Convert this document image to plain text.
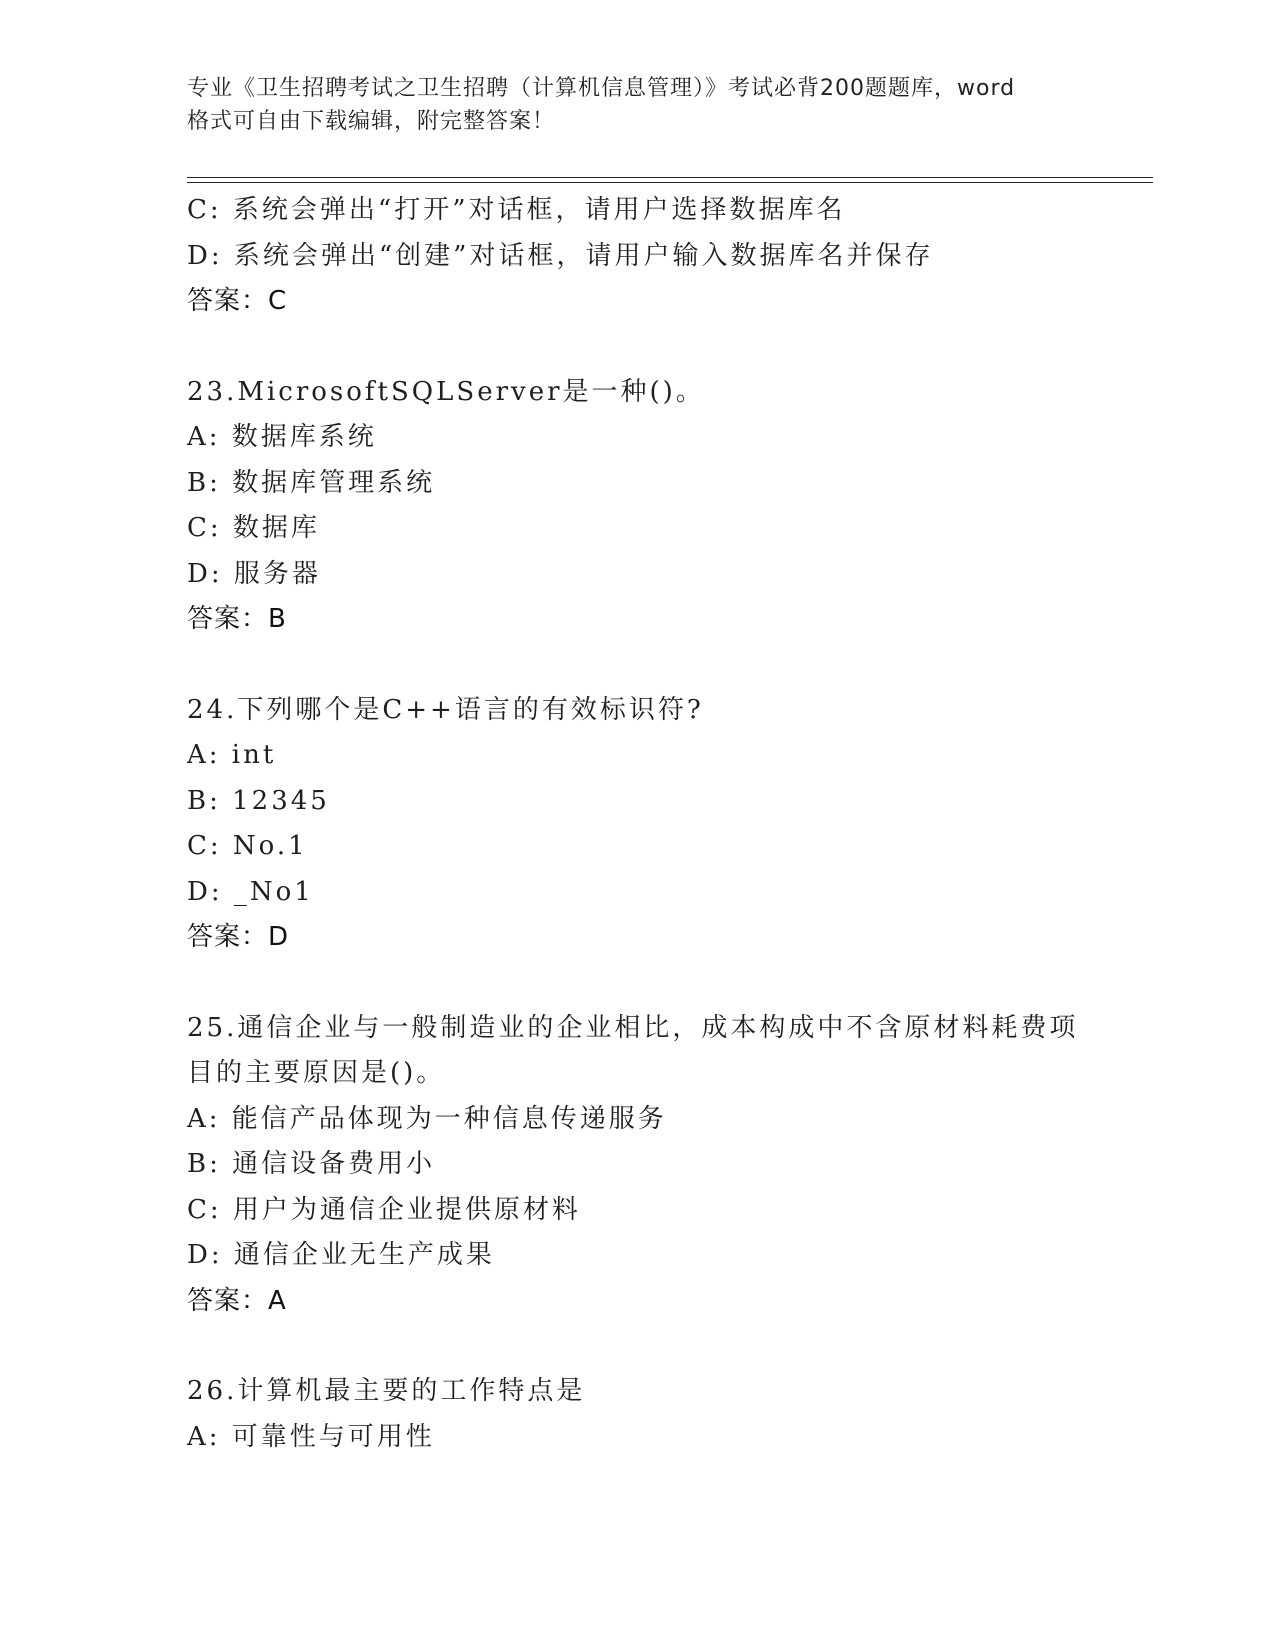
专业《卫生招聘考试之卫生招聘（计算机信息管理）》考试必背200题题库，word
格式可自由下载编辑，附完整答案！
C: 系统会弹出“打开”对话框，请用户选择数据库名
D: 系统会弹出“创建”对话框，请用户输入数据库名并保存
答案：C
23.MicrosoftSQLServer是一种()。
A: 数据库系统
B: 数据库管理系统
C: 数据库
D: 服务器
答案：B
24.下列哪个是C++语言的有效标识符?
A: int
B: 12345
C: No.1
D: _No1
答案：D
25.通信企业与一般制造业的企业相比，成本构成中不含原材料耗费项
目的主要原因是()。
A: 能信产品体现为一种信息传递服务
B: 通信设备费用小
C: 用户为通信企业提供原材料
D: 通信企业无生产成果
答案：A
26.计算机最主要的工作特点是
A: 可靠性与可用性
